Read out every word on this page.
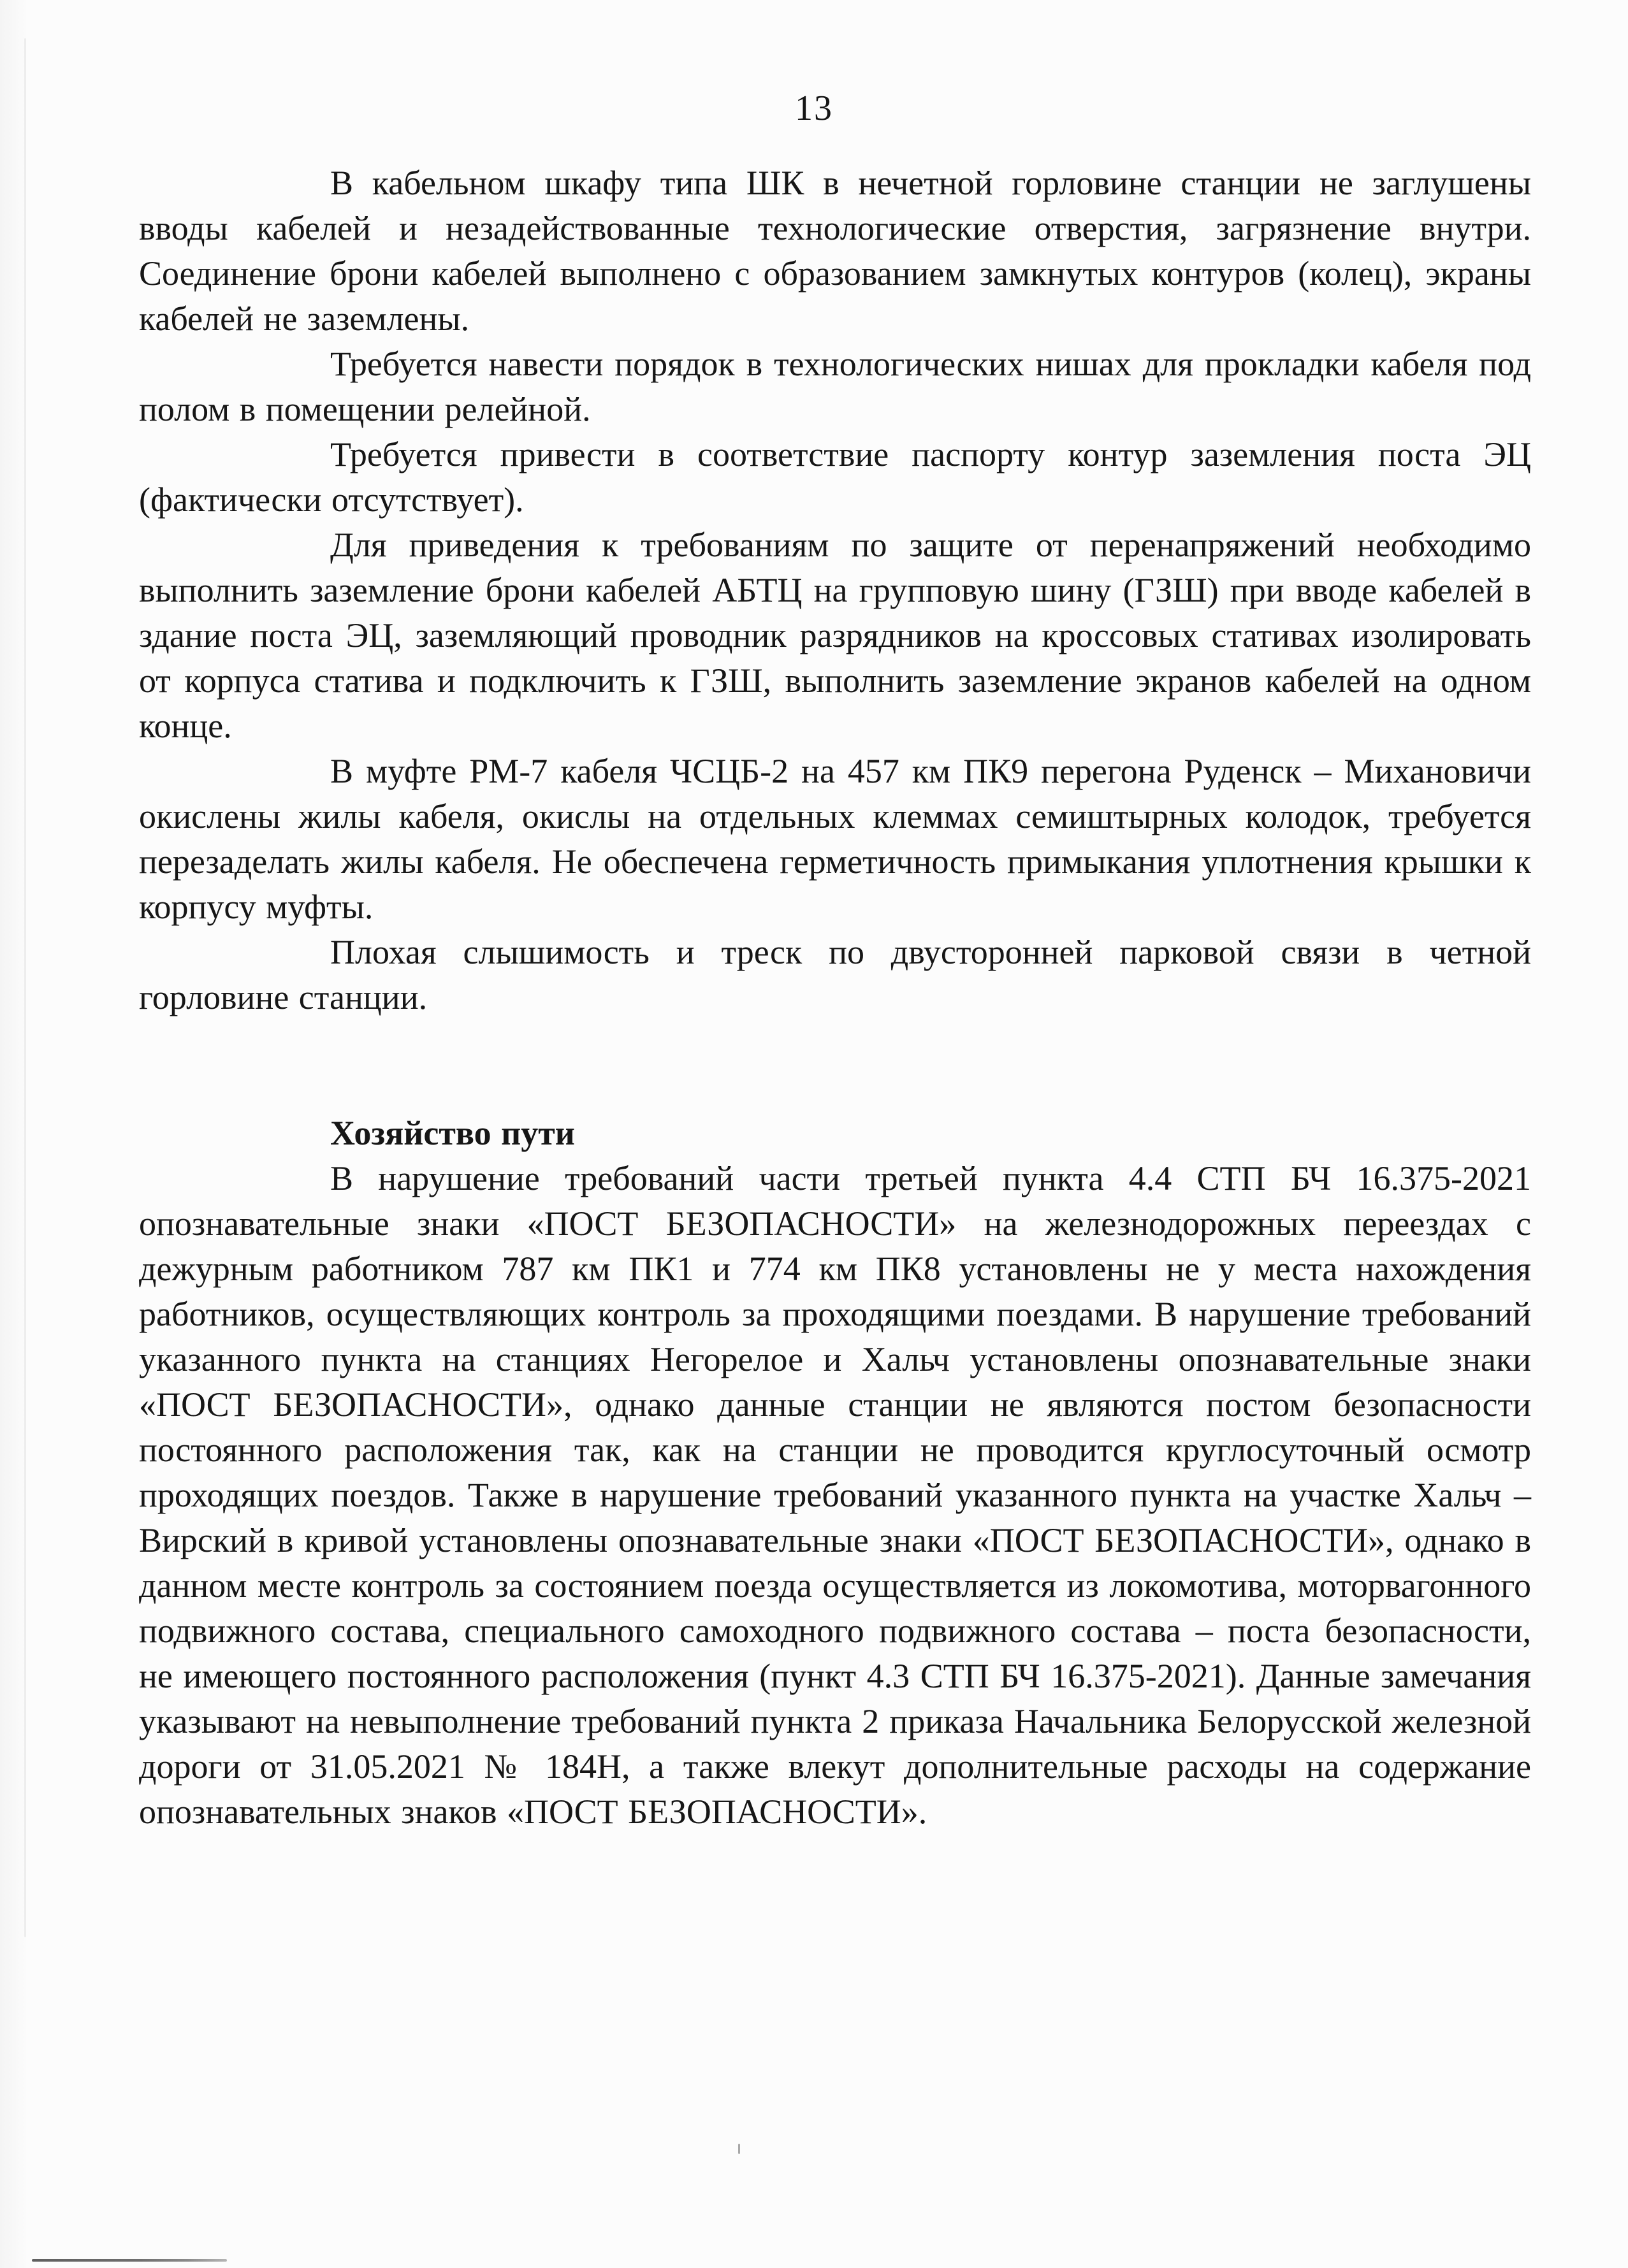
13

В кабельном шкафу типа ШК в нечетной горловине станции не заглушены вводы кабелей и незадействованные технологические отверстия, загрязнение внутри. Соединение брони кабелей выполнено с образованием замкнутых контуров (колец), экраны кабелей не заземлены.

Требуется навести порядок в технологических нишах для прокладки кабеля под полом в помещении релейной.

Требуется привести в соответствие паспорту контур заземления поста ЭЦ (фактически отсутствует).

Для приведения к требованиям по защите от перенапряжений необходимо выполнить заземление брони кабелей АБТЦ на групповую шину (ГЗШ) при вводе кабелей в здание поста ЭЦ, заземляющий проводник разрядников на кроссовых стативах изолировать от корпуса статива и подключить к ГЗШ, выполнить заземление экранов кабелей на одном конце.

В муфте РМ-7 кабеля ЧСЦБ-2 на 457 км ПК9 перегона Руденск – Михановичи окислены жилы кабеля, окислы на отдельных клеммах семиштырных колодок, требуется перезаделать жилы кабеля. Не обеспечена герметичность примыкания уплотнения крышки к корпусу муфты.

Плохая слышимость и треск по двусторонней парковой связи в четной горловине станции.

Хозяйство пути

В нарушение требований части третьей пункта 4.4 СТП БЧ 16.375-2021 опознавательные знаки «ПОСТ БЕЗОПАСНОСТИ» на железнодорожных переездах с дежурным работником 787 км ПК1 и 774 км ПК8 установлены не у места нахождения работников, осуществляющих контроль за проходящими поездами. В нарушение требований указанного пункта на станциях Негорелое и Хальч установлены опознавательные знаки «ПОСТ БЕЗОПАСНОСТИ», однако данные станции не являются постом безопасности постоянного расположения так, как на станции не проводится круглосуточный осмотр проходящих поездов. Также в нарушение требований указанного пункта на участке Хальч – Вирский в кривой установлены опознавательные знаки «ПОСТ БЕЗОПАСНОСТИ», однако в данном месте контроль за состоянием поезда осуществляется из локомотива, моторвагонного подвижного состава, специального самоходного подвижного состава – поста безопасности, не имеющего постоянного расположения (пункт 4.3 СТП БЧ 16.375-2021). Данные замечания указывают на невыполнение требований пункта 2 приказа Начальника Белорусской железной дороги от 31.05.2021 № 184Н, а также влекут дополнительные расходы на содержание опознавательных знаков «ПОСТ БЕЗОПАСНОСТИ».
